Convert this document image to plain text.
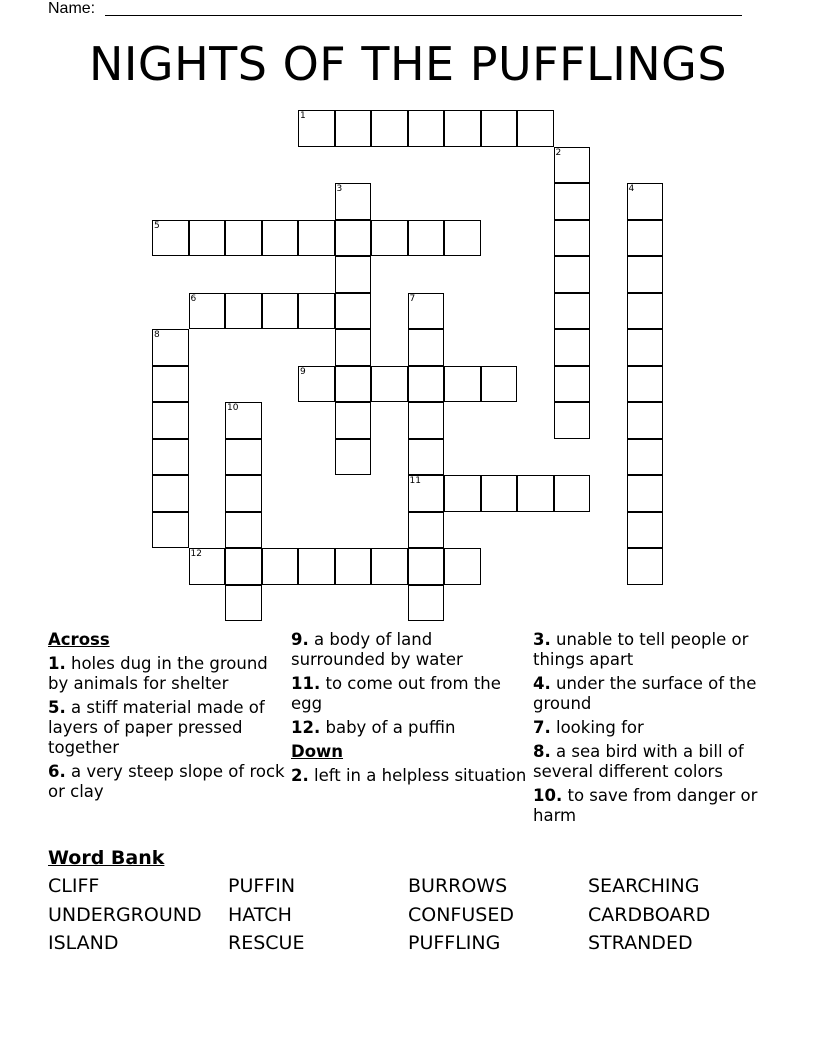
Name:
NIGHTS OF THE PUFFLINGS
1
2
3	4
5
6	7
11
8
9
10
12
Across
1. holes dug in the ground by animals for shelter
5. a stiff material made of layers of paper pressed together
6. a very steep slope of rock or clay
9. a body of land surrounded by water
11. to come out from the egg
12. baby of a puffin
Down
2. left in a helpless situation
3. unable to tell people or things apart
4. under the surface of the ground
7. looking for
8. a sea bird with a bill of several different colors
10. to save from danger or harm
Word Bank
CLIFF	PUFFIN	BURROWS	SEARCHING
UNDERGROUND HATCH	CONFUSED	CARDBOARD
ISLAND	RESCUE	PUFFLING	STRANDED
